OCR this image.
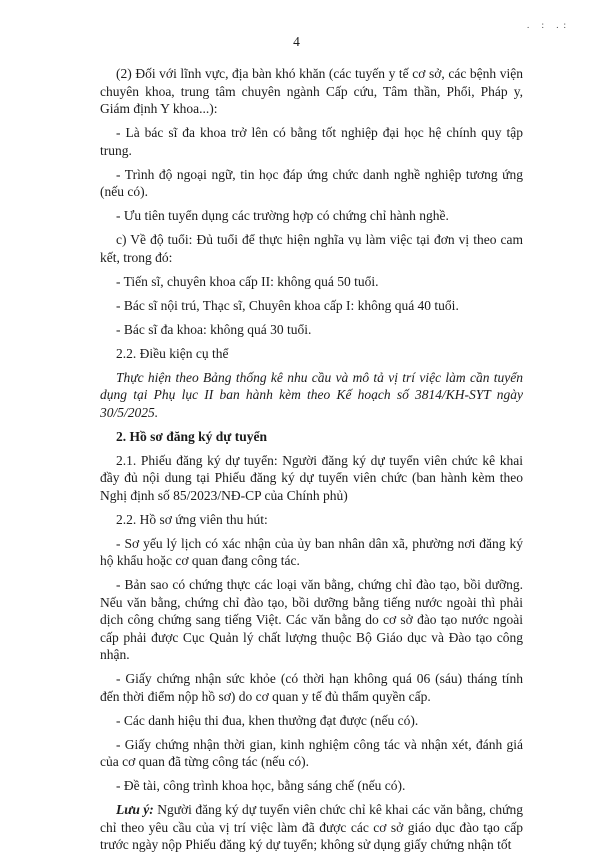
4
. : .:

(2) Đối với lĩnh vực, địa bàn khó khăn (các tuyến y tế cơ sở, các bệnh viện chuyên khoa, trung tâm chuyên ngành Cấp cứu, Tâm thần, Phổi, Pháp y, Giám định Y khoa...):

- Là bác sĩ đa khoa trở lên có bằng tốt nghiệp đại học hệ chính quy tập trung.

- Trình độ ngoại ngữ, tin học đáp ứng chức danh nghề nghiệp tương ứng (nếu có).

- Ưu tiên tuyển dụng các trường hợp có chứng chỉ hành nghề.

c) Về độ tuổi: Đủ tuổi để thực hiện nghĩa vụ làm việc tại đơn vị theo cam kết, trong đó:

- Tiến sĩ, chuyên khoa cấp II: không quá 50 tuổi.

- Bác sĩ nội trú, Thạc sĩ, Chuyên khoa cấp I: không quá 40 tuổi.

- Bác sĩ đa khoa: không quá 30 tuổi.

2.2. Điều kiện cụ thể

Thực hiện theo Bảng thống kê nhu cầu và mô tả vị trí việc làm cần tuyển dụng tại Phụ lục II ban hành kèm theo Kế hoạch số 3814/KH-SYT ngày 30/5/2025.

2. Hồ sơ đăng ký dự tuyển

2.1. Phiếu đăng ký dự tuyển: Người đăng ký dự tuyển viên chức kê khai đầy đủ nội dung tại Phiếu đăng ký dự tuyển viên chức (ban hành kèm theo Nghị định số 85/2023/NĐ-CP của Chính phủ)

2.2. Hồ sơ ứng viên thu hút:

- Sơ yếu lý lịch có xác nhận của ủy ban nhân dân xã, phường nơi đăng ký hộ khẩu hoặc cơ quan đang công tác.

- Bản sao có chứng thực các loại văn bằng, chứng chỉ đào tạo, bồi dưỡng. Nếu văn bằng, chứng chỉ đào tạo, bồi dưỡng bằng tiếng nước ngoài thì phải dịch công chứng sang tiếng Việt. Các văn bằng do cơ sở đào tạo nước ngoài cấp phải được Cục Quản lý chất lượng thuộc Bộ Giáo dục và Đào tạo công nhận.

- Giấy chứng nhận sức khỏe (có thời hạn không quá 06 (sáu) tháng tính đến thời điểm nộp hồ sơ) do cơ quan y tế đủ thẩm quyền cấp.

- Các danh hiệu thi đua, khen thưởng đạt được (nếu có).

- Giấy chứng nhận thời gian, kinh nghiệm công tác và nhận xét, đánh giá của cơ quan đã từng công tác (nếu có).

- Đề tài, công trình khoa học, bằng sáng chế (nếu có).

Lưu ý: Người đăng ký dự tuyển viên chức chỉ kê khai các văn bằng, chứng chỉ theo yêu cầu của vị trí việc làm đã được các cơ sở giáo dục đào tạo cấp trước ngày nộp Phiếu đăng ký dự tuyển; không sử dụng giấy chứng nhận tốt
